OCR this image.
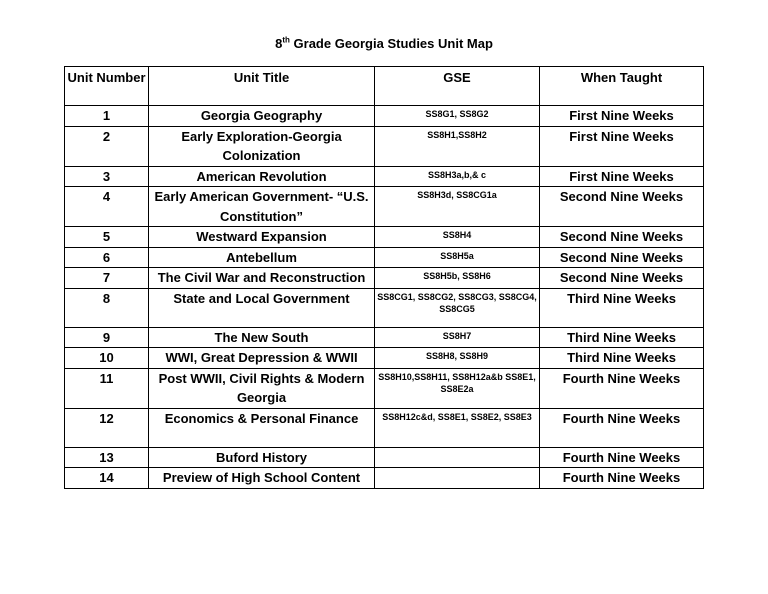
8th Grade Georgia Studies Unit Map
Unit Number	Unit Title	GSE	When Taught
1	Georgia Geography	SS8G1, SS8G2	First Nine Weeks
2	Early Exploration-Georgia Colonization	SS8H1,SS8H2	First Nine Weeks
3	American Revolution	SS8H3a,b,& c	First Nine Weeks
4	Early American Government- “U.S. Constitution”	SS8H3d, SS8CG1a	Second Nine Weeks
5	Westward Expansion	SS8H4	Second Nine Weeks
6	Antebellum	SS8H5a	Second Nine Weeks
7	The Civil War and Reconstruction	SS8H5b, SS8H6	Second Nine Weeks
8	State and Local Government	SS8CG1, SS8CG2, SS8CG3, SS8CG4, SS8CG5	Third Nine Weeks
9	The New South	SS8H7	Third Nine Weeks
10	WWI, Great Depression & WWII	SS8H8, SS8H9	Third Nine Weeks
11	Post WWII, Civil Rights & Modern Georgia	SS8H10,SS8H11, SS8H12a&b SS8E1, SS8E2a	Fourth Nine Weeks
12	Economics & Personal Finance	SS8H12c&d, SS8E1, SS8E2, SS8E3	Fourth Nine Weeks
13	Buford History		Fourth Nine Weeks
14	Preview of High School Content		Fourth Nine Weeks
